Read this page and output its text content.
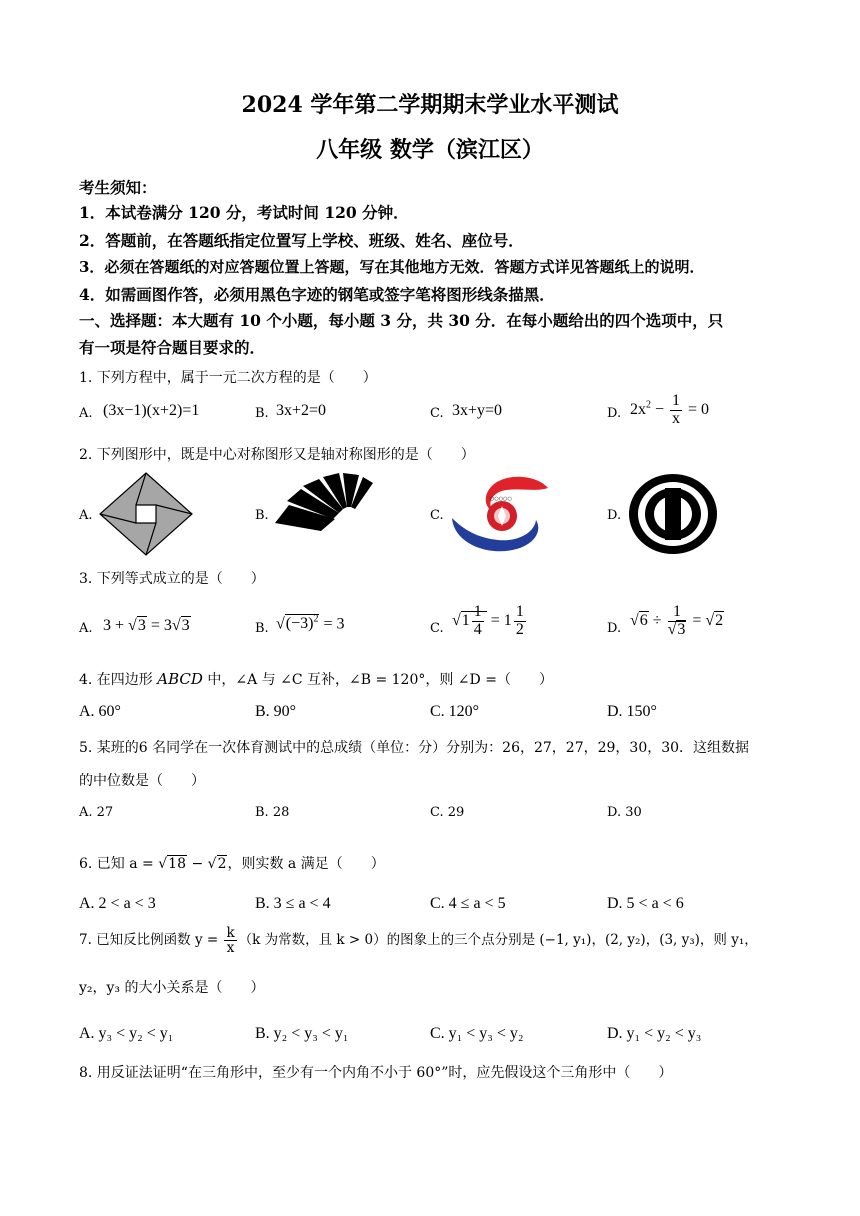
2024 学年第二学期期末学业水平测试
八年级 数学（滨江区）
考生须知：
1．本试卷满分 120 分，考试时间 120 分钟．
2．答题前，在答题纸指定位置写上学校、班级、姓名、座位号．
3．必须在答题纸的对应答题位置上答题，写在其他地方无效．答题方式详见答题纸上的说明．
4．如需画图作答，必须用黑色字迹的钢笔或签字笔将图形线条描黑．
一、选择题：本大题有 10 个小题，每小题 3 分，共 30 分．在每小题给出的四个选项中，只
有一项是符合题目要求的．
1. 下列方程中，属于一元二次方程的是（　　）
A. (3x−1)(x+2)=1	B. 3x+2=0	C. 3x+y=0	D. $2x^2 - \frac{1}{x} = 0$
2. 下列图形中，既是中心对称图形又是轴对称图形的是（　　）
A.	B.	C.
○○○○○
D.
3. 下列等式成立的是（　　）
A. 3 + √3 = 3√3	B. $√(-3)^2 = 3$	C. $√1 \frac{1}{4} = 1 \frac{1}{2}$	D. $√6 \div \frac{1}{√3} = √2$
4. 在四边形 ABCD 中，∠A 与 ∠C 互补，∠B = 120°，则 ∠D =（　　）
A. 60°	B. 90°	C. 120°	D. 150°
5. 某班的6 名同学在一次体育测试中的总成绩（单位：分）分别为：26，27，27，29，30，30．这组数据
的中位数是（　　）
A. 27	B. 28	C. 29	D. 30
6. 已知 a = √18 − √2，则实数 a 满足（　　）
A. 2 < a < 3	B. 3 ≤ a < 4	C. 4 ≤ a < 5	D. 5 < a < 6
7. 已知反比例函数 $y = \frac{k}{x} (k$ 为常数，且 k > 0）的图象上的三个点分别是 (−1, y₁)，(2, y₂)，(3, y₃)，则 y₁，
y₂，y₃ 的大小关系是（　　）
A. y₃ < y₂ < y₁	B. y₂ < y₃ < y₁	C. y₁ < y₃ < y₂	D. y₁ < y₂ < y₃
8. 用反证法证明“在三角形中，至少有一个内角不小于 60°”时，应先假设这个三角形中（　　）
